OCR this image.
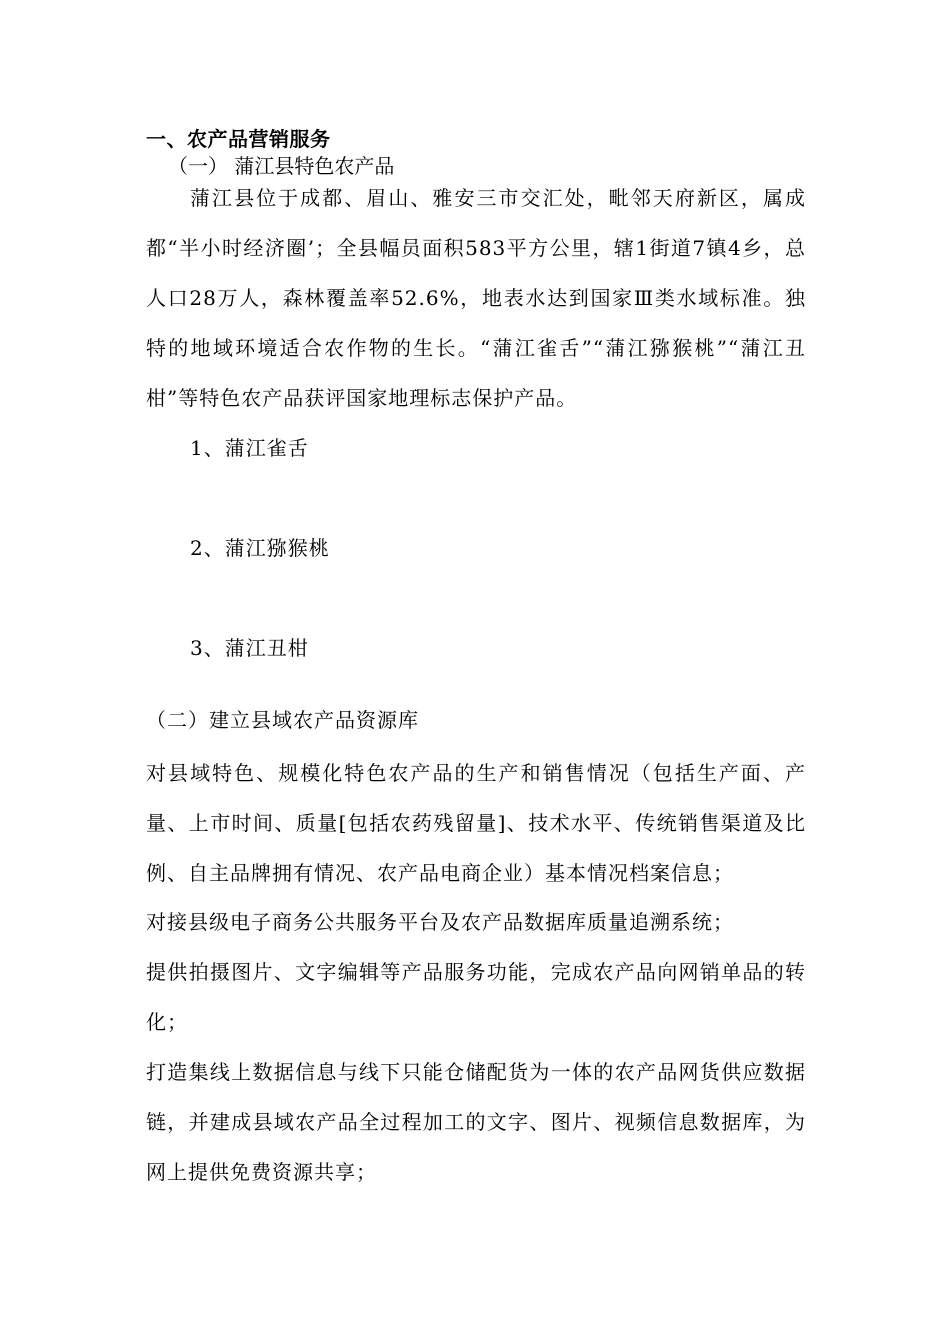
一、农产品营销服务
（一） 蒲江县特色农产品

蒲江县位于成都、眉山、雅安三市交汇处，毗邻天府新区，属成都“半小时经济圈’；全县幅员面积583平方公里，辖1街道7镇4乡，总人口28万人，森林覆盖率52.6%，地表水达到国家Ⅲ类水域标准。独特的地域环境适合农作物的生长。“蒲江雀舌”“蒲江猕猴桃”“蒲江丑柑”等特色农产品获评国家地理标志保护产品。

1、蒲江雀舌
2、蒲江猕猴桃
3、蒲江丑柑
（二）建立县域农产品资源库

对县域特色、规模化特色农产品的生产和销售情况（包括生产面、产量、上市时间、质量[包括农药残留量]、技术水平、传统销售渠道及比例、自主品牌拥有情况、农产品电商企业）基本情况档案信息；

对接县级电子商务公共服务平台及农产品数据库质量追溯系统；

提供拍摄图片、文字编辑等产品服务功能，完成农产品向网销单品的转化；

打造集线上数据信息与线下只能仓储配货为一体的农产品网货供应数据链，并建成县域农产品全过程加工的文字、图片、视频信息数据库，为网上提供免费资源共享；
